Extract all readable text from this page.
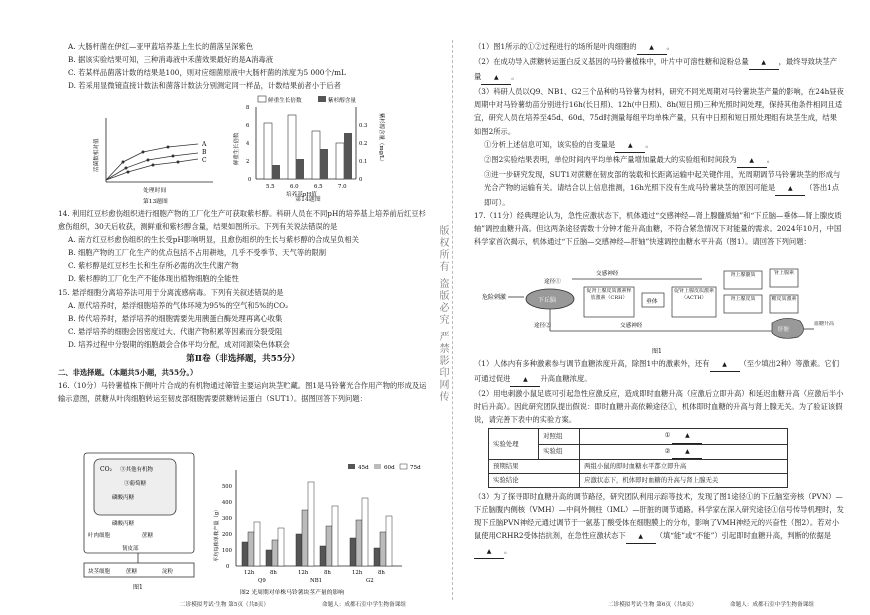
A. 大肠杆菌在伊红—亚甲蓝培养基上生长的菌落呈深紫色

B. 据该实验结果可知，三种消毒液中禾菌效果最好的是A消毒液

C. 若某样品菌落计数的结果是100，则对应细菌原液中大肠杆菌的浓度为5 000个/mL

D. 若采用显微镜直接计数法和菌落计数法分别测定同一样品，计数结果前者小于后者

A
B
C
处理时间
活菌数相对值
第13题图
鲜重生长倍数	紫杉醇含量
0
2
4
6
8
0
0.1
0.2
0.3
5.5	6.0	6.5	7.0
培养基pH值
鲜重生长倍数	紫杉醇含量（mg/L）
第14题图

14. 利用红豆杉愈伤组织进行细胞产物的工厂化生产可获取紫杉醇。科研人员在不同pH的培养基上培养前后红豆杉愈伤组织，30天后收获，测鲜重和紫杉醇含量，结果如图所示。下列有关说法错误的是

A. 南方红豆杉愈伤组织的生长受pH影响明显，且愈伤组织的生长与紫杉醇的合成呈负相关

B. 细胞产物的工厂化生产的优点包括不占用耕地，几乎不受季节、天气等的限制

C. 紫杉醇是红豆杉生长和生存所必需的次生代谢产物

D. 紫杉醇的工厂化生产不能体现出植物细胞的全能性

15. 悬浮细胞分离培养法可用于分离流感病毒。下列有关叙述错误的是

A. 原代培养时，悬浮细胞培养的气体环境为95%的空气和5%的CO₂

B. 传代培养时，悬浮培养的细胞需要先用胰蛋白酶处理再离心收集

C. 悬浮培养的细胞会因密度过大、代谢产物积累等因素而分裂受阻

D. 培养过程中分裂期的细胞最会合体平均分配，成对同源染色体联会

第Ⅱ卷（非选择题，共55分）

二、非选择题。（本题共5小题，共55分。）

16.（10分）马铃薯植株下侧叶片合成的有机物通过筛管主要运向块茎贮藏。图1是马铃薯光合作用产物的形成及运输示意图，蔗糖从叶肉细胞转运至韧皮部细胞需要蔗糖转运蛋白（SUT1）。据图回答下列问题：

CO₂ ③其他有机物
③葡萄糖
磷酸丙糖
磷酸丙糖
叶肉细胞	蔗糖
韧皮部
块茎细胞	蔗糖	淀粉
图1
45d	60d	75d
0
100
200
300
400
500
12h	8h	12h	8h	12h	8h
Q9	NB1	G2
平均每株单株产量（g）
图2 光周期对单株马铃薯块茎产量的影响
二诊模拟考试·生物 第5页（共8页）	命题人：成都石室中学生物备课组
版权所有 盗版必究 严禁影印网传

（1）图1所示的①②过程进行的场所是叶肉细胞的 ▲ 。

（2）在成功导入蔗糖转运蛋白反义基因的马铃薯植株中，叶片中可溶性糖和淀粉总量 ▲ ，最终导致块茎产量 ▲ 。

（3）科研人员以Q9、NB1、G2三个品种的马铃薯为材料，研究不同光周期对马铃薯块茎产量的影响，在24h昼夜周期中对马铃薯幼苗分别进行16h(长日照)、12h(中日照)、8h(短日照)三种光照时间处理，保持其他条件相同且适宜，研究人员在培养至45d、60d、75d时测量每组平均单株产量，只有中日照和短日照处理组有块茎生成，结果如图2所示。

①分析上述信息可知，该实验的自变量是 ▲ 。

②图2实验结果表明，单位时间内平均单株产量增加量最大的实验组和时间段为 ▲ 。

③进一步研究发现，SUT1对蔗糖在韧皮部的装载和长距离运输中起关键作用，光周期调节马铃薯块茎的形成与光合产物的运输有关。请结合以上信息推测，16h光照下没有生成马铃薯块茎的原因可能是 ▲ （答出1点即可）。

17.（11分）经典理论认为，急性应激状态下，机体通过“交感神经—肾上腺髓质轴”和“下丘脑—垂体—肾上腺皮质轴”调控血糖升高。但这两条途径需数十分钟才能升高血糖，不符合紧急情况下对能量的需求。2024年10月，中国科学家首次揭示，机体通过“下丘脑—交感神经—肝轴”快速调控血糖水平升高（图1）。请回答下列问题：

危险刺激	下丘脑
途径①
交感神经
促肾上腺皮质激素释放激素（CRH）
垂体
促肾上腺皮质激素（ACTH）
肾上腺髓质
肾上腺皮质
肾上腺素
糖皮质激素
肝脏
血糖升高
途径②	交感神经
图1

（1）人体内有多种激素参与调节血糖浓度升高，除图1中的激素外，还有 ▲ （至少填出2种）等激素。它们可通过促进 ▲ 升高血糖浓度。

（2）用电刺激小鼠足底可引起急性应激反应，造成即时血糖升高（应激后立即升高）和延迟血糖升高（应激后半小时后升高）。因此研究团队提出假说：即时血糖升高依赖途径①，机体即时血糖的升高与肾上腺无关。为了验证该假说，请完善下表中的实验方案。

实验处理	对照组	① ▲
	实验组	② ▲
预期结果		两组小鼠的即时血糖水平都立即升高
实验结论		应激状态下，机体即时血糖的升高与肾上腺无关

（3）为了探寻即时血糖升高的调节路径，研究团队利用示踪等技术，发现了图1途径①的下丘脑室旁核（PVN）—下丘脑腹内侧核（VMH）—中间外侧柱（IML）—肝脏的调节通路。科学家在深入研究途径①信号传导机理时，发现下丘脑PVN神经元通过调节于一氨基丁酸受体在细胞膜上的分布，影响了VMH神经元的兴奋性（图2）。若对小鼠使用CRHR2受体拮抗剂，在急性应激状态下 ▲ （填“能”或“不能”）引起即时血糖升高，判断的依据是▲ 。

二诊模拟考试·生物 第6页（共8页）	命题人：成都石室中学生物备课组
